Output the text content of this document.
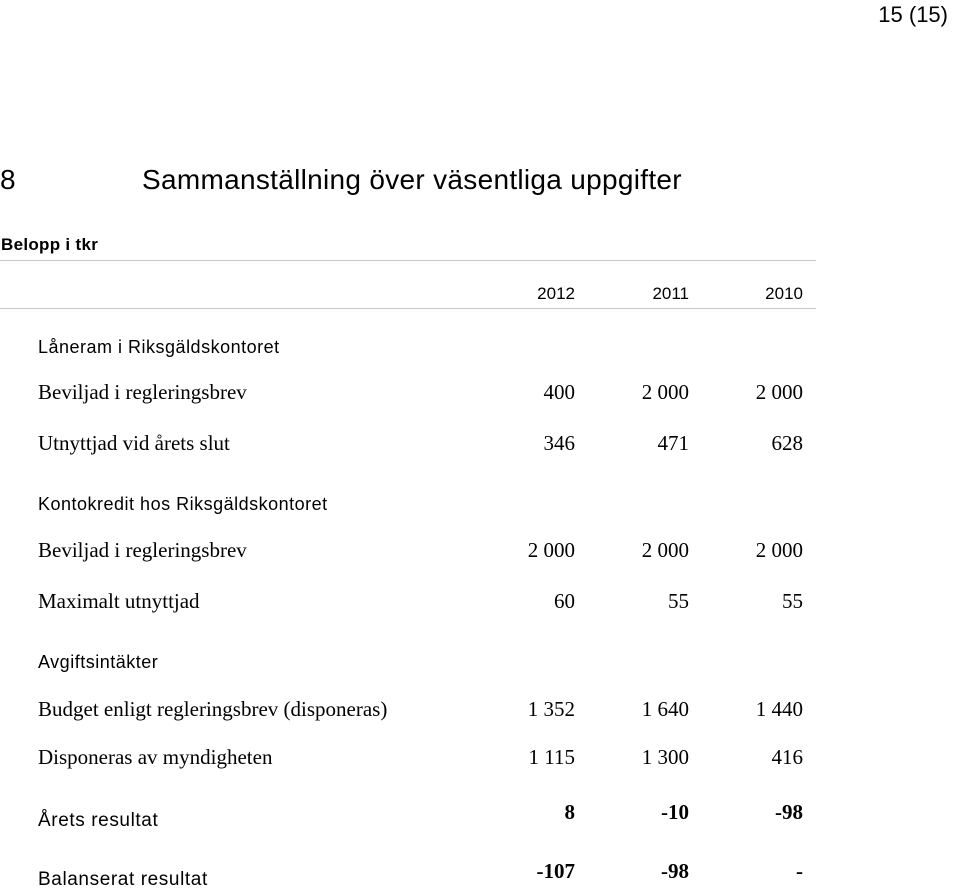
15 (15)
8	Sammanställning över väsentliga uppgifter
Belopp i tkr
2012	2011	2010
Låneram i Riksgäldskontoret
Beviljad i regleringsbrev	400	2 000	2 000
Utnyttjad vid årets slut	346	471	628
Kontokredit hos Riksgäldskontoret
Beviljad i regleringsbrev	2 000	2 000	2 000
Maximalt utnyttjad	60	55	55
Avgiftsintäkter
Budget enligt regleringsbrev (disponeras)	1 352	1 640	1 440
Disponeras av myndigheten	1 115	1 300	416
Årets resultat	8	-10	-98
Balanserat resultat	-107	-98	-
